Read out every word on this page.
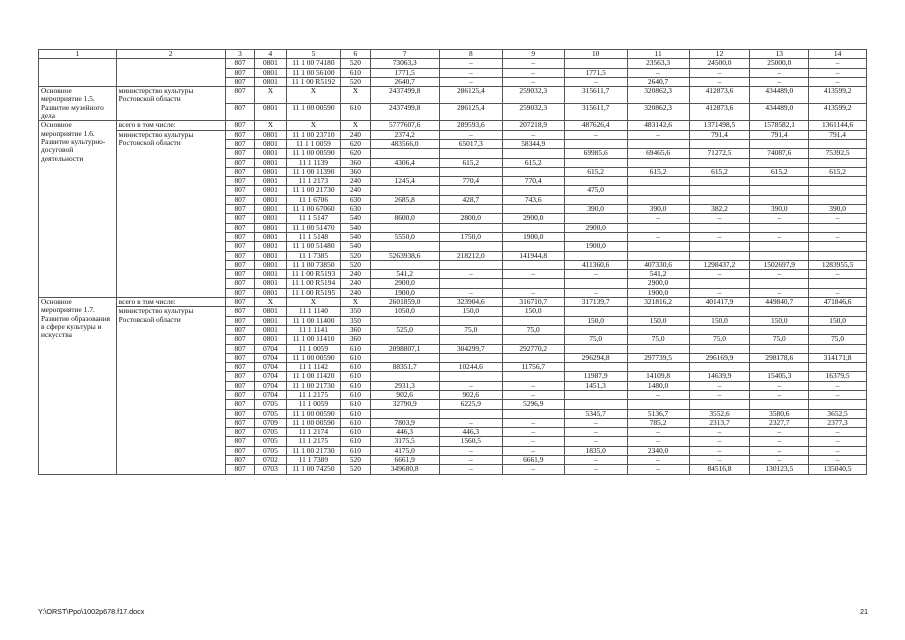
1	2	3	4	5	6	7	8	9	10	11	12	13	14
		807	0801	11 1 00 74180	520	73063,3	–	–		23563,3	24500,0	25000,0	–
		807	0801	11 1 00 56100	610	1771,5	–	–	1771,5	–	–	–	–
		807	0801	11 1 00 R5192	520	2640,7	–	–	–	2640,7	–	–	–
Основное мероприятие 1.5. Развитие музейного дела	министерство культуры Ростовской области	807	X	X	X	2437499,8	286125,4	259032,3	315611,7	320862,3	412873,6	434489,0	413599,2
		807	0801	11 1 00 00590	610	2437499,8	286125,4	259032,3	315611,7	320862,3	412873,6	434489,0	413599,2
Основное мероприятие 1.6. Развитие культурно-досуговой деятельности	всего в том числе:	807	X	X	X	5777607,6	289593,6	207218,9	487626,4	483142,6	1371498,5	1578582,1	1361144,6
	министерство культуры Ростовской области	807	0801	11 1 00 23710	240	2374,2	–	–	–	–	791,4	791,4	791,4
		807	0801	11 1 1 0059	620	483566,0	65017,3	58344,9					
		807	0801	11 1 00 00590	620				69985,6	69465,6	71272,5	74087,6	75392,5
		807	0801	11 1 1139	360	4306,4	615,2	615,2					
		807	0801	11 1 00 11390	360				615,2	615,2	615,2	615,2	615,2
		807	0801	11 1 2173	240	1245,4	770,4	770,4					
		807	0801	11 1 00 21730	240				475,0				
		807	0801	11 1 6706	630	2685,8	428,7	743,6					
		807	0801	11 1 00 67060	630				390,0	390,0	382,2	390,0	390,0
		807	0801	11 1 5147	540	8600,0	2800,0	2900,0		–	–	–	–
		807	0801	11 1 00 51470	540				2900,0				
		807	0801	11 1 5148	540	5550,0	1750,0	1900,0		–	–	–	–
		807	0801	11 1 00 51480	540				1900,0				
		807	0801	11 1 7385	520	5263938,6	218212,0	141944,8					
		807	0801	11 1 00 73850	520				411360,6	407330,6	1298437,2	1502697,9	1283955,5
		807	0801	11 1 00 R5193	240	541,2	–	–	–	541,2	–	–	–
		807	0801	11 1 00 R5194	240	2900,0				2900,0			
		807	0801	11 1 00 R5195	240	1900,0	–	–	–	1900,0	–	–	–
Основное мероприятие 1.7. Развитие образования в сфере культуры и искусства	всего в том числе:	807	X	X	X	2601859,0	323904,6	316710,7	317139,7	321816,2	401417,9	449840,7	471846,6
	министерство культуры Ростовской области	807	0801	11 1 1140	350	1050,0	150,0	150,0					
		807	0801	11 1 00 11400	350				150,0	150,0	150,0	150,0	150,0
		807	0801	11 1 1141	360	525,0	75,0	75,0					
		807	0801	11 1 00 11410	360				75,0	75,0	75,0	75,0	75,0
		807	0704	11 1 0059	610	2098807,1	304299,7	292770,2					
		807	0704	11 1 00 00590	610				296294,8	297739,5	296169,9	298178,6	314171,8
		807	0704	11 1 1142	610	88351,7	10244,6	11756,7					
		807	0704	11 1 00 11420	610				11987,9	14109,8	14639,9	15405,3	16379,5
		807	0704	11 1 00 21730	610	2931,3	–	–	1451,3	1480,0	–	–	–
		807	0704	11 1 2175	610	902,6	902,6	–		–	–	–	–
		807	0705	11 1 0059	610	32790,9	6225,9	5296,9					
		807	0705	11 1 00 00590	610				5345,7	5136,7	3552,6	3580,6	3652,5
		807	0709	11 1 00 00590	610	7803,9	–	–	–	785,2	2313,7	2327,7	2377,3
		807	0705	11 1 2174	610	446,3	446,3	–	–	–	–	–	–
		807	0705	11 1 2175	610	3175,5	1560,5	–	–	–	–	–	–
		807	0705	11 1 00 21730	610	4175,0	–	–	1835,0	2340,0	–	–	–
		807	0702	11 1 7389	520	6661,9	–	6661,9	–	–	–	–	–
		807	0703	11 1 00 74250	520	349680,8	–	–	–	–	84516,8	130123,5	135040,5
Y:\ORST\Ppo\1002p678.f17.docx	21
